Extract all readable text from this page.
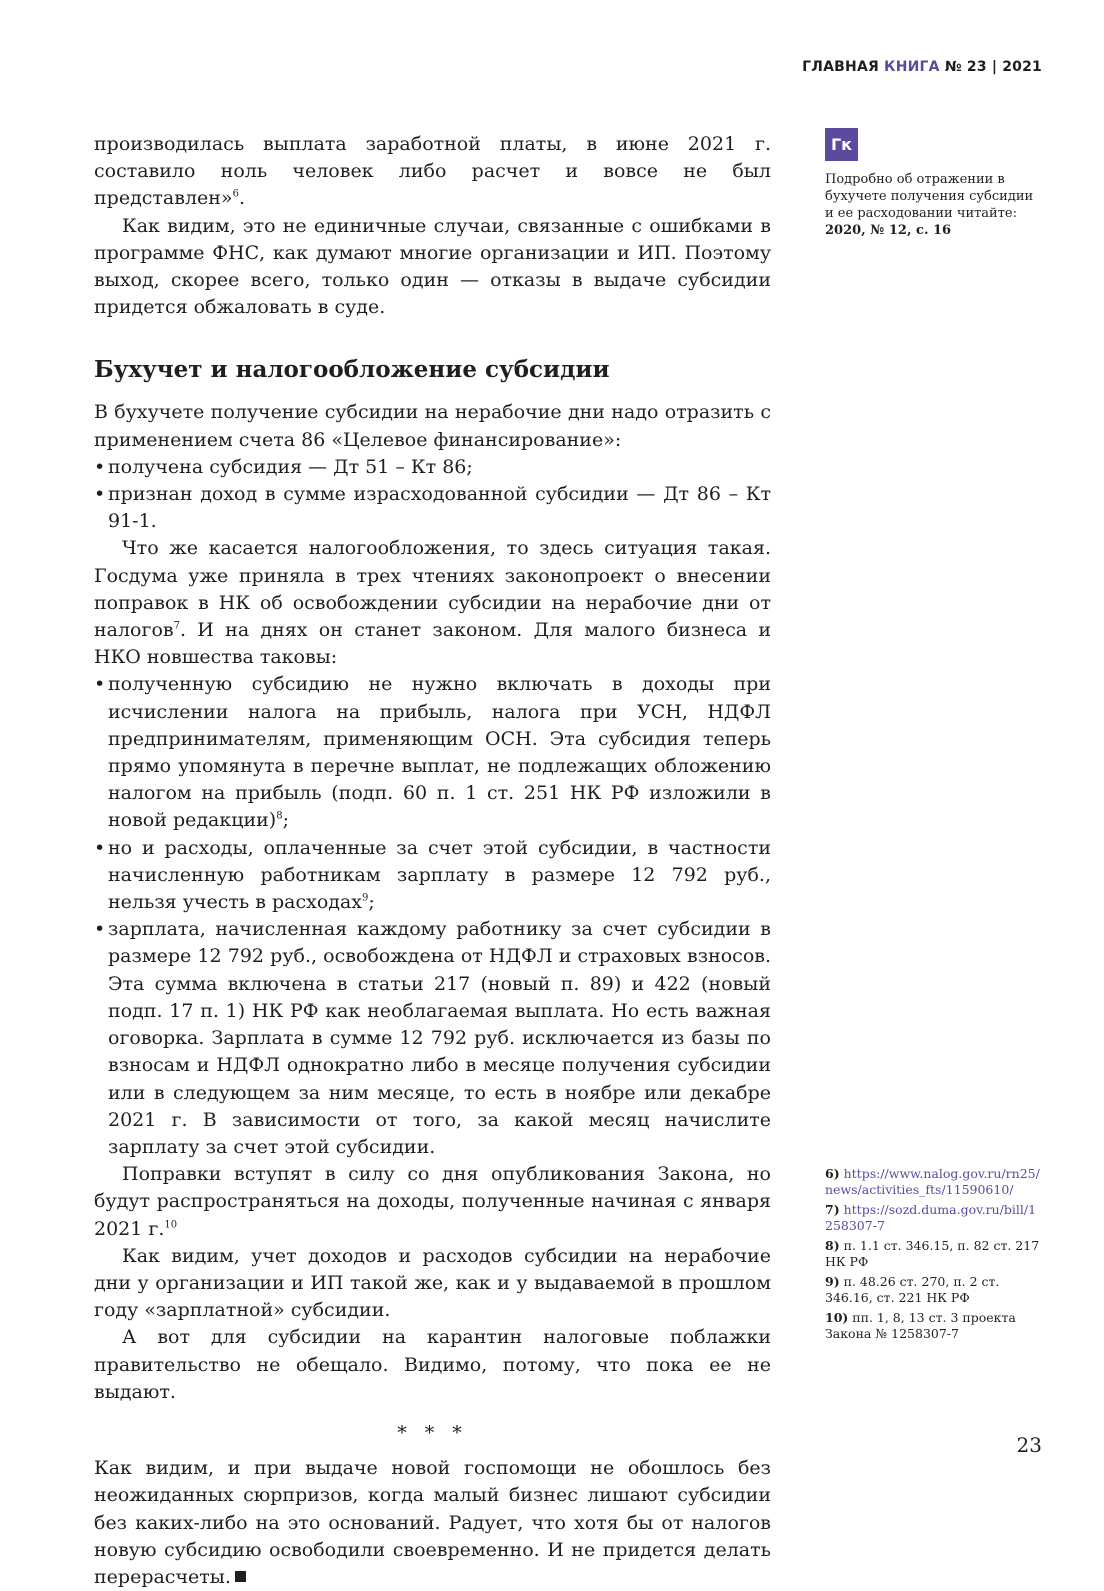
ГЛАВНАЯ КНИГА № 23 | 2021

производилась выплата заработной платы, в июне 2021 г. составило ноль человек либо расчет и вовсе не был представлен»$^6$.

Как видим, это не единичные случаи, связанные с ошибками в программе ФНС, как думают многие организации и ИП. Поэтому выход, скорее всего, только один — отказы в выдаче субсидии придется обжаловать в суде.

Бухучет и налогообложение субсидии

В бухучете получение субсидии на нерабочие дни надо отразить с применением счета 86 «Целевое финансирование»:

• получена субсидия — Дт 51 – Кт 86;
• признан доход в сумме израсходованной субсидии — Дт 86 – Кт 91-1.

Что же касается налогообложения, то здесь ситуация такая. Госдума уже приняла в трех чтениях законопроект о внесении поправок в НК об освобождении субсидии на нерабочие дни от налогов$^7$. И на днях он станет законом. Для малого бизнеса и НКО новшества таковы:

• полученную субсидию не нужно включать в доходы при исчислении налога на прибыль, налога при УСН, НДФЛ предпринимателям, применяющим ОСН. Эта субсидия теперь прямо упомянута в перечне выплат, не подлежащих обложению налогом на прибыль (подп. 60 п. 1 ст. 251 НК РФ изложили в новой редакции)$^8$;
• но и расходы, оплаченные за счет этой субсидии, в частности начисленную работникам зарплату в размере 12 792 руб., нельзя учесть в расходах$^9$;
• зарплата, начисленная каждому работнику за счет субсидии в размере 12 792 руб., освобождена от НДФЛ и страховых взносов. Эта сумма включена в статьи 217 (новый п. 89) и 422 (новый подп. 17 п. 1) НК РФ как необлагаемая выплата. Но есть важная оговорка. Зарплата в сумме 12 792 руб. исключается из базы по взносам и НДФЛ однократно либо в месяце получения субсидии или в следующем за ним месяце, то есть в ноябре или декабре 2021 г. В зависимости от того, за какой месяц начислите зарплату за счет этой субсидии.

Поправки вступят в силу со дня опубликования Закона, но будут распространяться на доходы, полученные начиная с января 2021 г.$^{10}$

Как видим, учет доходов и расходов субсидии на нерабочие дни у организации и ИП такой же, как и у выдаваемой в прошлом году «зарплатной» субсидии.

А вот для субсидии на карантин налоговые поблажки правительство не обещало. Видимо, потому, что пока ее не выдают.

* * *

Как видим, и при выдаче новой госпомощи не обошлось без неожиданных сюрпризов, когда малый бизнес лишают субсидии без каких-либо на это оснований. Радует, что хотя бы от налогов новую субсидию освободили своевременно. И не придется делать перерасчеты.

Гк
Подробно об отражении в бухучете получения субсидии и ее расходовании читайте:
2020, № 12, с. 16
6) https://www.nalog.gov.ru/rn25/news/activities_fts/11590610/
7) https://sozd.duma.gov.ru/bill/1258307-7
8) п. 1.1 ст. 346.15, п. 82 ст. 217 НК РФ
9) п. 48.26 ст. 270, п. 2 ст. 346.16, ст. 221 НК РФ
10) пп. 1, 8, 13 ст. 3 проекта Закона № 1258307-7
23
